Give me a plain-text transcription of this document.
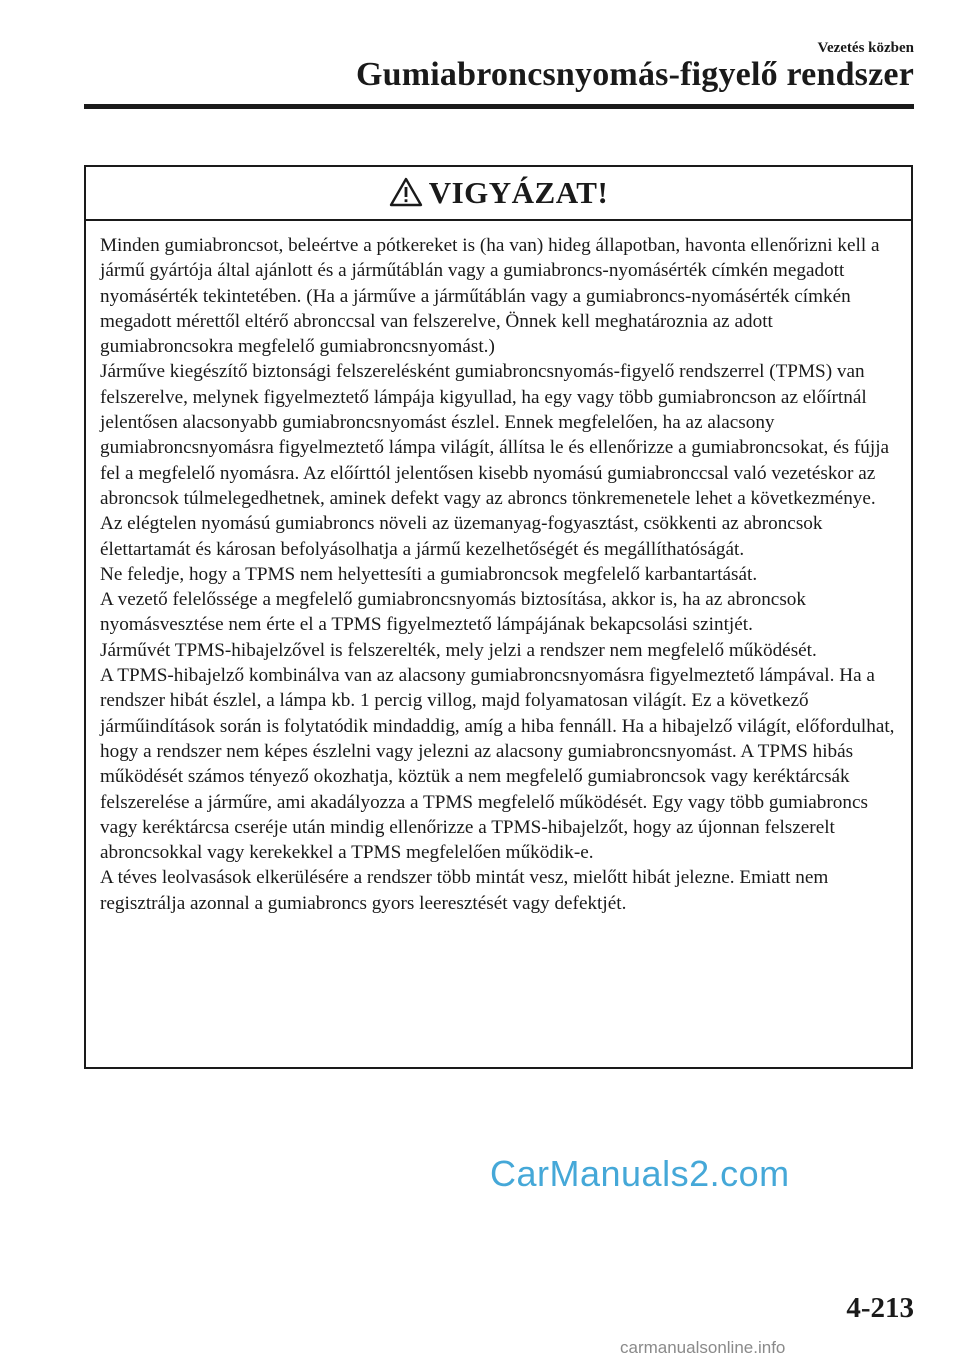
Vezetés közben
Gumiabroncsnyomás-figyelő rendszer
VIGYÁZAT!

Minden gumiabroncsot, beleértve a pótkereket is (ha van) hideg állapotban, havonta ellenőrizni kell a jármű gyártója által ajánlott és a járműtáblán vagy a gumiabroncs-nyomásérték címkén megadott nyomásérték tekintetében. (Ha a járműve a járműtáblán vagy a gumiabroncs-nyomásérték címkén megadott mérettől eltérő abronccsal van felszerelve, Önnek kell meghatároznia az adott gumiabroncsokra megfelelő gumiabroncsnyomást.)

Járműve kiegészítő biztonsági felszerelésként gumiabroncsnyomás-figyelő rendszerrel (TPMS) van felszerelve, melynek figyelmeztető lámpája kigyullad, ha egy vagy több gumiabroncson az előírtnál jelentősen alacsonyabb gumiabroncsnyomást észlel. Ennek megfelelően, ha az alacsony gumiabroncsnyomásra figyelmeztető lámpa világít, állítsa le és ellenőrizze a gumiabroncsokat, és fújja fel a megfelelő nyomásra. Az előírttól jelentősen kisebb nyomású gumiabronccsal való vezetéskor az abroncsok túlmelegedhetnek, aminek defekt vagy az abroncs tönkremenetele lehet a következménye. Az elégtelen nyomású gumiabroncs növeli az üzemanyag-fogyasztást, csökkenti az abroncsok élettartamát és károsan befolyásolhatja a jármű kezelhetőségét és megállíthatóságát.

Ne feledje, hogy a TPMS nem helyettesíti a gumiabroncsok megfelelő karbantartását.

A vezető felelőssége a megfelelő gumiabroncsnyomás biztosítása, akkor is, ha az abroncsok nyomásvesztése nem érte el a TPMS figyelmeztető lámpájának bekapcsolási szintjét.

Járművét TPMS-hibajelzővel is felszerelték, mely jelzi a rendszer nem megfelelő működését.

A TPMS-hibajelző kombinálva van az alacsony gumiabroncsnyomásra figyelmeztető lámpával. Ha a rendszer hibát észlel, a lámpa kb. 1 percig villog, majd folyamatosan világít. Ez a következő járműindítások során is folytatódik mindaddig, amíg a hiba fennáll. Ha a hibajelző világít, előfordulhat, hogy a rendszer nem képes észlelni vagy jelezni az alacsony gumiabroncsnyomást. A TPMS hibás működését számos tényező okozhatja, köztük a nem megfelelő gumiabroncsok vagy keréktárcsák felszerelése a járműre, ami akadályozza a TPMS megfelelő működését. Egy vagy több gumiabroncs vagy keréktárcsa cseréje után mindig ellenőrizze a TPMS-hibajelzőt, hogy az újonnan felszerelt abroncsokkal vagy kerekekkel a TPMS megfelelően működik-e.

A téves leolvasások elkerülésére a rendszer több mintát vesz, mielőtt hibát jelezne. Emiatt nem regisztrálja azonnal a gumiabroncs gyors leeresztését vagy defektjét.

CarManuals2.com
4-213
carmanualsonline.info
